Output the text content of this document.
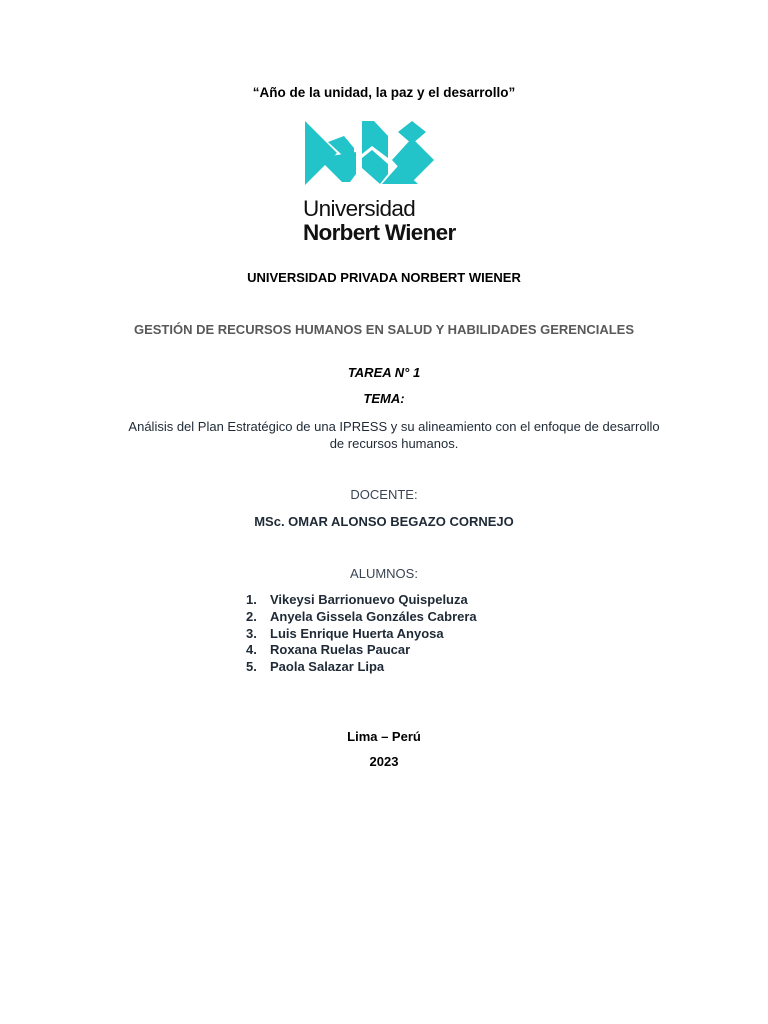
“Año de la unidad, la paz y el desarrollo”
Universidad
Norbert Wiener
UNIVERSIDAD PRIVADA NORBERT WIENER
GESTIÓN DE RECURSOS HUMANOS EN SALUD Y HABILIDADES GERENCIALES
TAREA N° 1
TEMA:
Análisis del Plan Estratégico de una IPRESS y su alineamiento con el enfoque de desarrollo de recursos humanos.
DOCENTE:
MSc. OMAR ALONSO BEGAZO CORNEJO
ALUMNOS:
1.	Vikeysi Barrionuevo Quispeluza
2.	Anyela Gissela Gonzáles Cabrera
3.	Luis Enrique Huerta Anyosa
4.	Roxana Ruelas Paucar
5.	Paola Salazar Lipa
Lima – Perú
2023
